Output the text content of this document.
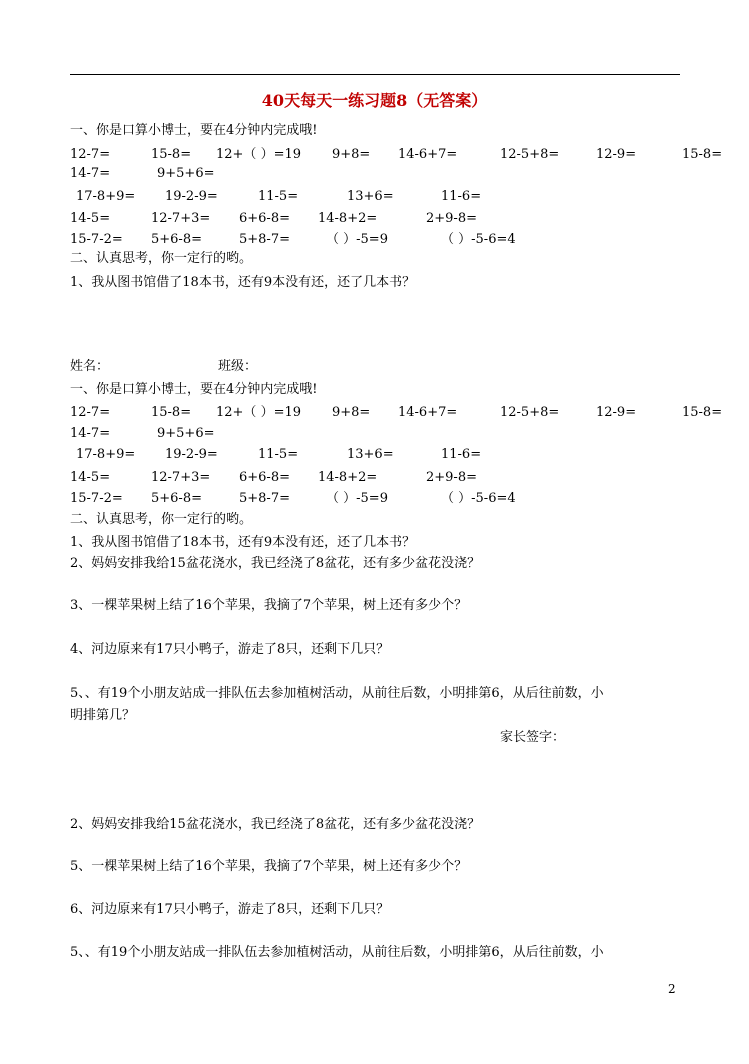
40天每天一练习题8（无答案）
一、你是口算小博士，要在4分钟内完成哦!
12-7=	15-8= 12+（ ）=19 9+8= 14-6+7=	12-5+8=	12-9=	15-8=
14-7=	9+5+6=
17-8+9= 19-2-9=	11-5=	13+6=	11-6=
14-5=	12-7+3= 6+6-8= 14-8+2=	2+9-8=
15-7-2= 5+6-8=	5+8-7=	（ ）-5=9	（ ）-5-6=4
二、认真思考，你一定行的哟。
1、我从图书馆借了18本书，还有9本没有还，还了几本书？
姓名：	班级：
一、你是口算小博士，要在4分钟内完成哦!
12-7=	15-8= 12+（ ）=19 9+8= 14-6+7=	12-5+8=	12-9=	15-8=
14-7=	9+5+6=
17-8+9= 19-2-9=	11-5=	13+6=	11-6=
14-5=	12-7+3= 6+6-8= 14-8+2=	2+9-8=
15-7-2= 5+6-8=	5+8-7=	（ ）-5=9	（ ）-5-6=4
二、认真思考，你一定行的哟。
1、我从图书馆借了18本书，还有9本没有还，还了几本书？
2、妈妈安排我给15盆花浇水，我已经浇了8盆花，还有多少盆花没浇？
3、一棵苹果树上结了16个苹果，我摘了7个苹果，树上还有多少个？
4、河边原来有17只小鸭子，游走了8只，还剩下几只？
5、、有19个小朋友站成一排队伍去参加植树活动，从前往后数，小明排第6，从后往前数，小
明排第几？
家长签字：
2、妈妈安排我给15盆花浇水，我已经浇了8盆花，还有多少盆花没浇？
5、一棵苹果树上结了16个苹果，我摘了7个苹果，树上还有多少个？
6、河边原来有17只小鸭子，游走了8只，还剩下几只？
5、、有19个小朋友站成一排队伍去参加植树活动，从前往后数，小明排第6，从后往前数，小
2
